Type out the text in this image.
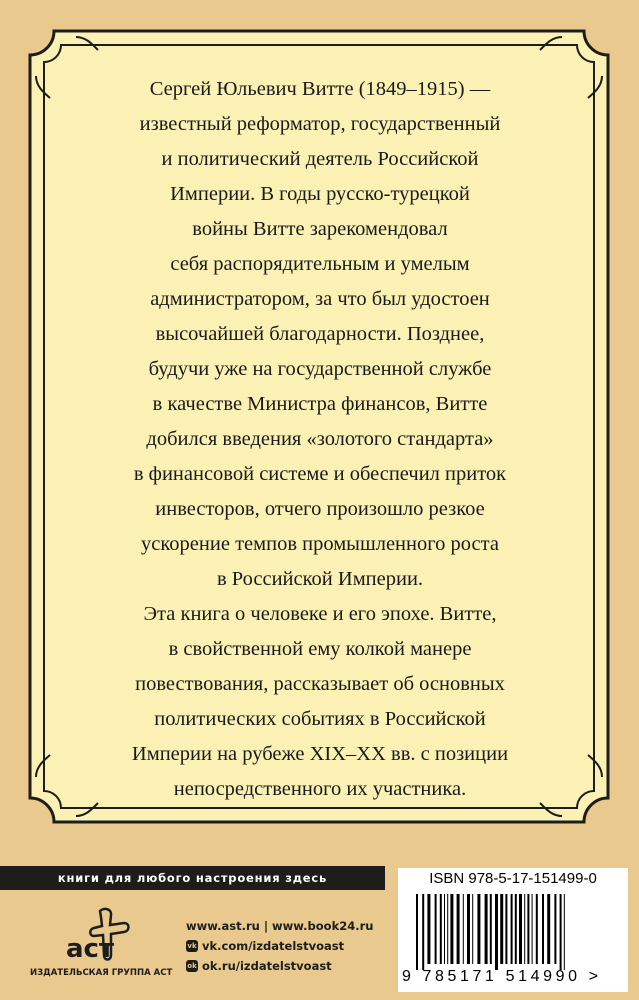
Сергей Юльевич Витте (1849–1915) —

известный реформатор, государственный

и политический деятель Российской

Империи. В годы русско-турецкой

войны Витте зарекомендовал

себя распорядительным и умелым

администратором, за что был удостоен

высочайшей благодарности. Позднее,

будучи уже на государственной службе

в качестве Министра финансов, Витте

добился введения «золотого стандарта»

в финансовой системе и обеспечил приток

инвесторов, отчего произошло резкое

ускорение темпов промышленного роста

в Российской Империи.

Эта книга о человеке и его эпохе. Витте,

в свойственной ему колкой манере

повествования, рассказывает об основных

политических событиях в Российской

Империи на рубеже XIX–XX вв. с позиции

непосредственного их участника.

книги для любого настроения здесь
аст
ИЗДАТЕЛЬСКАЯ ГРУППА АСТ
www.ast.ru | www.book24.ru
vk vk.com/izdatelstvoast
ok ok.ru/izdatelstvoast
ISBN 978-5-17-151499-0
9 785171 514990 >
